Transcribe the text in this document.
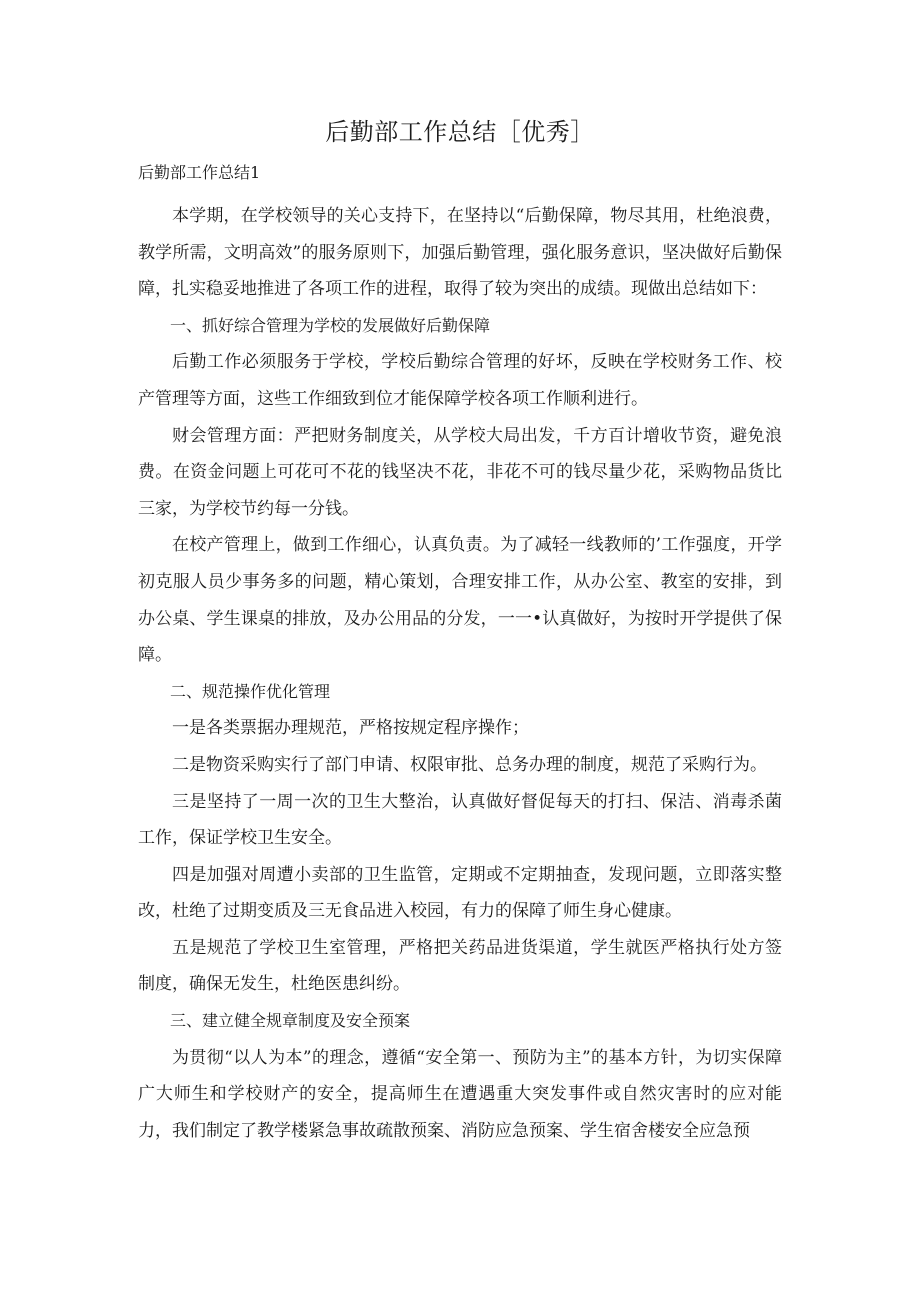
后勤部工作总结［优秀］

后勤部工作总结1

本学期，在学校领导的关心支持下，在坚持以“后勤保障，物尽其用，杜绝浪费，教学所需，文明高效”的服务原则下，加强后勤管理，强化服务意识，坚决做好后勤保障，扎实稳妥地推进了各项工作的进程，取得了较为突出的成绩。现做出总结如下：

一、抓好综合管理为学校的发展做好后勤保障

后勤工作必须服务于学校，学校后勤综合管理的好坏，反映在学校财务工作、校产管理等方面，这些工作细致到位才能保障学校各项工作顺利进行。

财会管理方面：严把财务制度关，从学校大局出发，千方百计增收节资，避免浪费。在资金问题上可花可不花的钱坚决不花，非花不可的钱尽量少花，采购物品货比三家，为学校节约每一分钱。

在校产管理上，做到工作细心，认真负责。为了减轻一线教师的’工作强度，开学初克服人员少事务多的问题，精心策划，合理安排工作，从办公室、教室的安排，到办公桌、学生课桌的排放，及办公用品的分发，一一•认真做好，为按时开学提供了保障。

二、规范操作优化管理

一是各类票据办理规范，严格按规定程序操作；

二是物资采购实行了部门申请、权限审批、总务办理的制度，规范了采购行为。

三是坚持了一周一次的卫生大整治，认真做好督促每天的打扫、保洁、消毒杀菌工作，保证学校卫生安全。

四是加强对周遭小卖部的卫生监管，定期或不定期抽查，发现问题，立即落实整改，杜绝了过期变质及三无食品进入校园，有力的保障了师生身心健康。

五是规范了学校卫生室管理，严格把关药品进货渠道，学生就医严格执行处方签制度，确保无发生，杜绝医患纠纷。

三、建立健全规章制度及安全预案

为贯彻“以人为本”的理念，遵循“安全第一、预防为主”的基本方针，为切实保障广大师生和学校财产的安全，提高师生在遭遇重大突发事件或自然灾害时的应对能力，我们制定了教学楼紧急事故疏散预案、消防应急预案、学生宿舍楼安全应急预
